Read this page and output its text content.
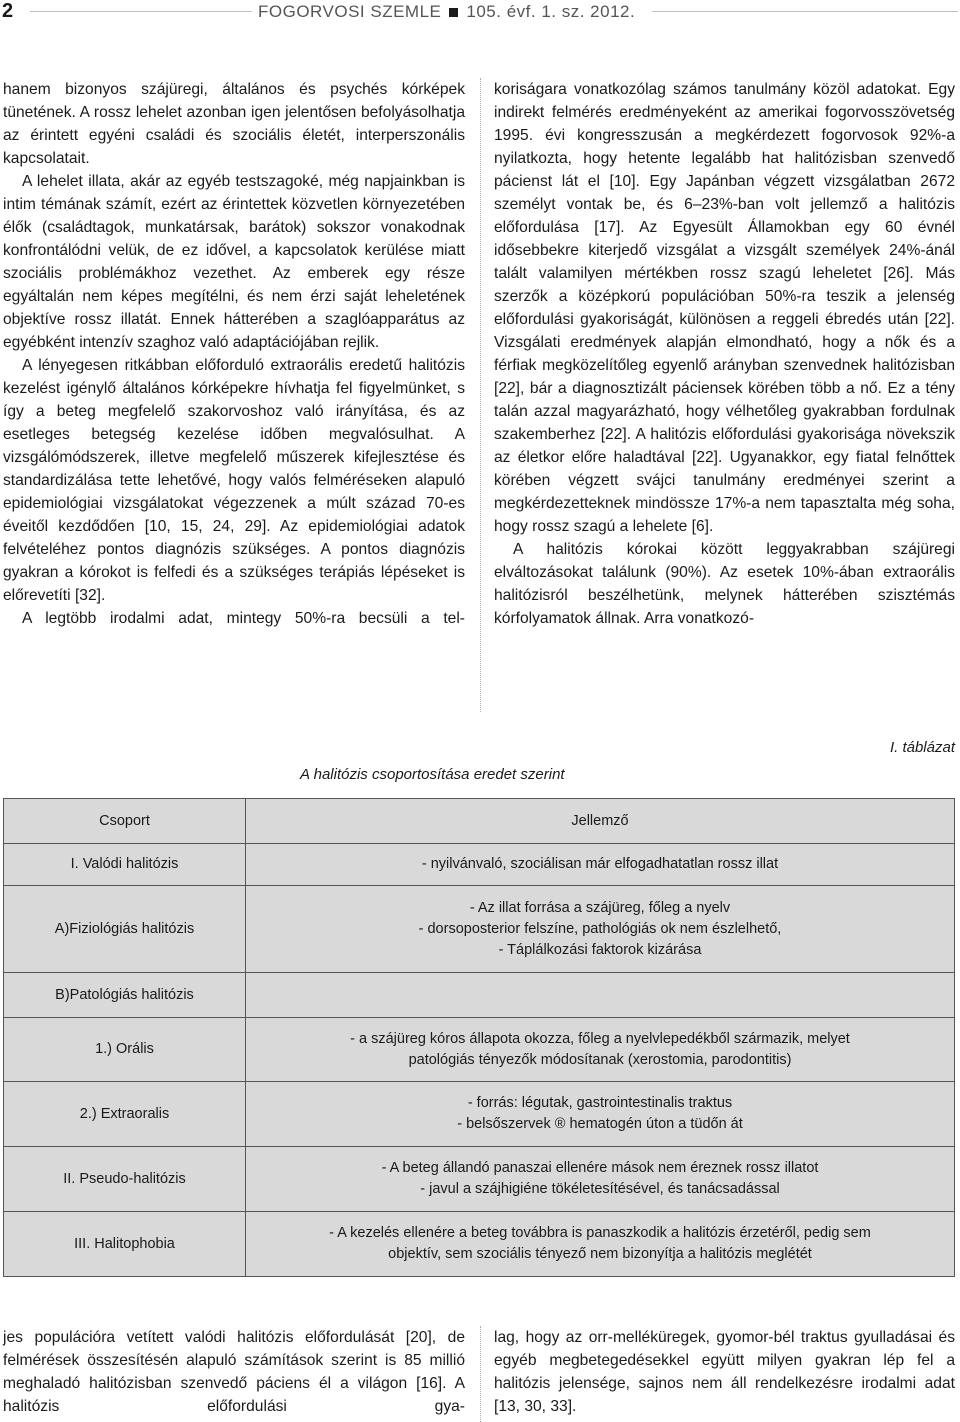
2	FOGORVOSI SZEMLE 105. évf. 1. sz. 2012.

hanem bizonyos szájüregi, általános és psychés kórképek tünetének. A rossz lehelet azonban igen jelentősen befolyásolhatja az érintett egyéni családi és szociális életét, interperszonális kapcsolatait.

A lehelet illata, akár az egyéb testszagoké, még napjainkban is intim témának számít, ezért az érintettek közvetlen környezetében élők (családtagok, munkatársak, barátok) sokszor vonakodnak konfrontálódni velük, de ez idővel, a kapcsolatok kerülése miatt szociális problémákhoz vezethet. Az emberek egy része egyáltalán nem képes megítélni, és nem érzi saját leheletének objektíve rossz illatát. Ennek hátterében a szaglóapparátus az egyébként intenzív szaghoz való adaptációjában rejlik.

A lényegesen ritkábban előforduló extraorális eredetű halitózis kezelést igénylő általános kórképekre hívhatja fel figyelmünket, s így a beteg megfelelő szakorvoshoz való irányítása, és az esetleges betegség kezelése időben megvalósulhat. A vizsgálómódszerek, illetve megfelelő műszerek kifejlesztése és standardizálása tette lehetővé, hogy valós felméréseken alapuló epidemiológiai vizsgálatokat végezzenek a múlt század 70-es éveitől kezdődően [10, 15, 24, 29]. Az epidemiológiai adatok felvételéhez pontos diagnózis szükséges. A pontos diagnózis gyakran a kórokot is felfedi és a szükséges terápiás lépéseket is előrevetíti [32].

A legtöbb irodalmi adat, mintegy 50%-ra becsüli a tel-

korisága​ra vonatkozólag számos tanulmány közöl adatokat. Egy indirekt felmérés eredményeként az amerikai fogorvosszövetség 1995. évi kongresszusán a megkérdezett fogorvosok 92%-a nyilatkozta, hogy hetente legalább hat halitózisban szenvedő pácienst lát el [10]. Egy Japánban végzett vizsgálatban 2672 személyt vontak be, és 6–23%-ban volt jellemző a halitózis előfordulása [17]. Az Egyesült Államokban egy 60 évnél idősebbekre kiterjedő vizsgálat a vizsgált személyek 24%-ánál talált valamilyen mértékben rossz szagú leheletet [26]. Más szerzők a középkorú populációban 50%-ra teszik a jelenség előfordulási gyakoriságát, különösen a reggeli ébredés után [22]. Vizsgálati eredmények alapján elmondható, hogy a nők és a férfiak megközelítőleg egyenlő arányban szenvednek halitózisban [22], bár a diagnosztizált páciensek körében több a nő. Ez a tény talán azzal magyarázható, hogy vélhetőleg gyakrabban fordulnak szakemberhez [22]. A halitózis előfordulási gyakorisága növekszik az életkor előre haladtával [22]. Ugyanakkor, egy fiatal felnőttek körében végzett svájci tanulmány eredményei szerint a megkérdezetteknek mindössze 17%-a nem tapasztalta még soha, hogy rossz szagú a lehelete [6].

A halitózis kórokai között leggyakrabban szájüregi elváltozásokat találunk (90%). Az esetek 10%-ában extraorális halitózisról beszélhetünk, melynek hátterében szisztémás kórfolyamatok állnak. Arra vonatkozó-

I. táblázat
A halitózis csoportosítása eredet szerint
Csoport	Jellemző
I. Valódi halitózis	- nyilvánvaló, szociálisan már elfogadhatatlan rossz illat

A)Fiziológiás halitózis	- Az illat forrása a szájüreg, főleg a nyelv
- dorsoposterior felszíne, pathológiás ok nem észlelhető,
- Táplálkozási faktorok kizárása

B)Patológiás halitózis	
1.) Orális	- a szájüreg kóros állapota okozza, főleg a nyelvlepedékből származik, melyet
patológiás tényezők módosítanak (xerostomia, parodontitis)

2.) Extraoralis	- forrás: légutak, gastrointestinalis traktus
- belsőszervek ® hematogén úton a tüdőn át

II. Pseudo-halitózis	- A beteg állandó panaszai ellenére mások nem éreznek rossz illatot
- javul a szájhigiéne tökéletesítésével, és tanácsadással

III. Halitophobia	- A kezelés ellenére a beteg továbbra is panaszkodik a halitózis érzetéről, pedig sem
objektív, sem szociális tényező nem bizonyítja a halitózis meglétét

jes populációra vetített valódi halitózis előfordulását [20], de felmérések összesítésén alapuló számítások szerint is 85 millió meghaladó halitózisban szenvedő páciens él a világon [16]. A halitózis előfordulási gya-

lag, hogy az orr-melléküregek, gyomor-bél traktus gyulladásai és egyéb megbetegedésekkel együtt milyen gyakran lép fel a halitózis jelensége, sajnos nem áll rendelkezésre irodalmi adat [13, 30, 33].
